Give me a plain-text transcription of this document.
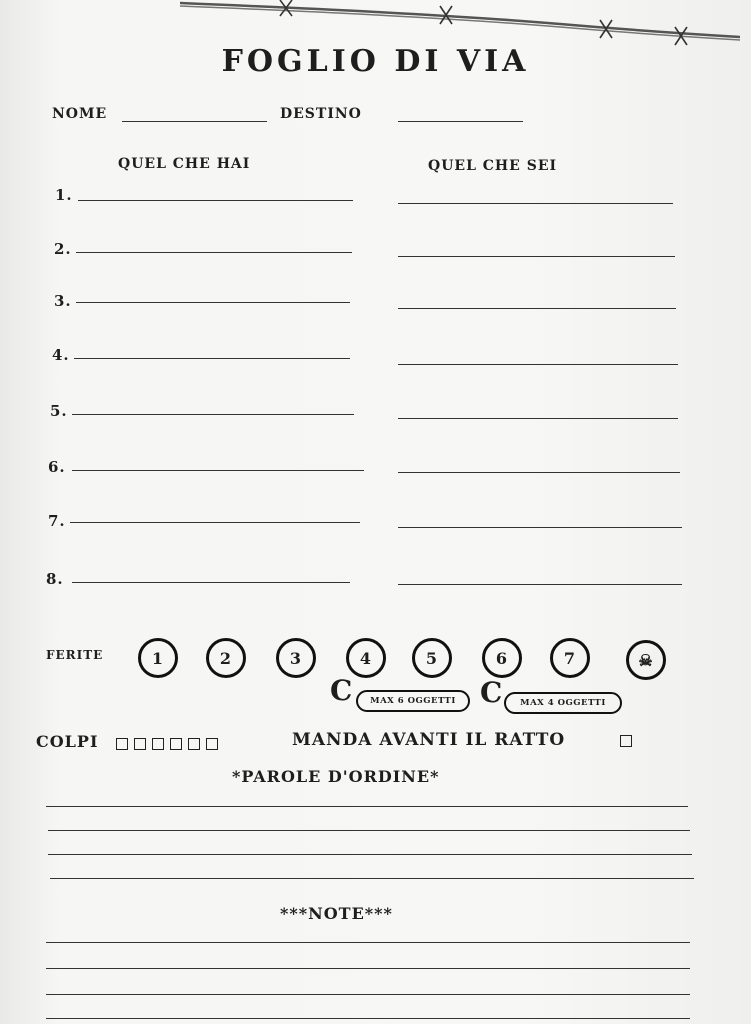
FOGLIO DI VIA
NOME	DESTINO
QUEL CHE HAI	QUEL CHE SEI
1.
2.
3.
4.
5.
6.
7.
8.
FERITE	1	2	3	4	5	6	7	☠
C	MAX 6 OGGETTI C	MAX 4 OGGETTI
COLPI	MANDA AVANTI IL RATTO
*PAROLE D'ORDINE*
***NOTE***
